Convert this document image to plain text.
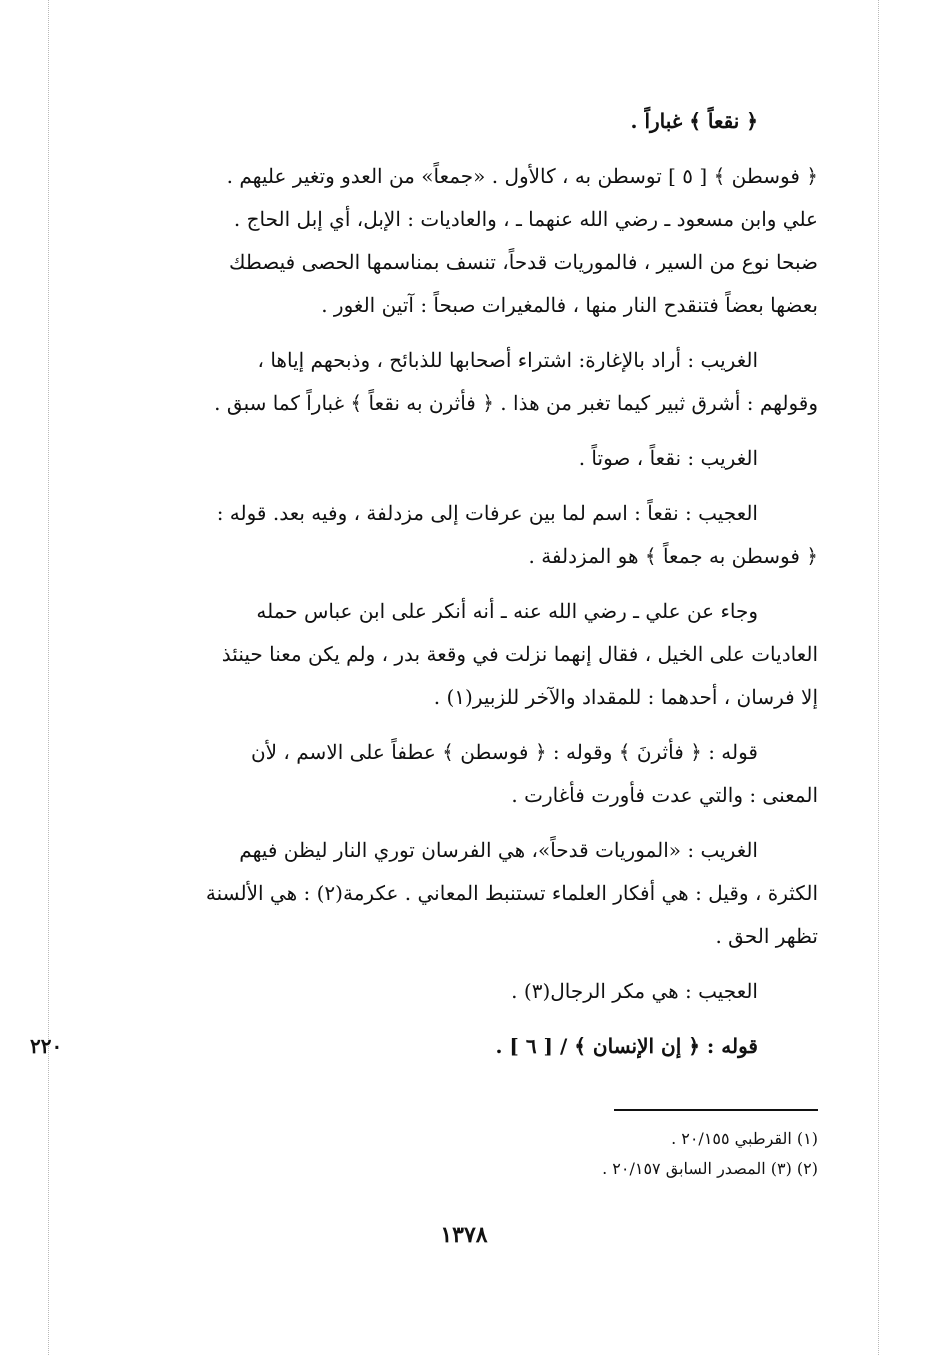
﴿ نقعاً ﴾ غباراً .

﴿ فوسطن ﴾ [ ٥ ] توسطن به ، كالأول . «جمعاً» من العدو وتغير عليهم .

علي وابن مسعود ـ رضي الله عنهما ـ ، والعاديات : الإبل، أي إبل الحاج .

ضبحا نوع من السير ، فالموريات قدحاً، تنسف بمناسمها الحصى فيصطك

بعضها بعضاً فتنقدح النار منها ، فالمغيرات صبحاً : آتين الغور .

الغريب : أراد بالإغارة: اشتراء أصحابها للذبائح ، وذبحهم إياها ،

وقولهم : أشرق ثبير كيما تغبر من هذا . ﴿ فأثرن به نقعاً ﴾ غباراً كما سبق .

الغريب : نقعاً ، صوتاً .

العجيب : نقعاً : اسم لما بين عرفات إلى مزدلفة ، وفيه بعد. قوله :

﴿ فوسطن به جمعاً ﴾ هو المزدلفة .

وجاء عن علي ـ رضي الله عنه ـ أنه أنكر على ابن عباس حمله

العاديات على الخيل ، فقال إنهما نزلت في وقعة بدر ، ولم يكن معنا حينئذ

إلا فرسان ، أحدهما : للمقداد والآخر للزبير(١) .

قوله : ﴿ فأثرنَ ﴾ وقوله : ﴿ فوسطن ﴾ عطفاً على الاسم ، لأن

المعنى : والتي عدت فأورت فأغارت .

الغريب : «الموريات قدحاً»، هي الفرسان توري النار ليظن فيهم

الكثرة ، وقيل : هي أفكار العلماء تستنبط المعاني . عكرمة(٢) : هي الألسنة

تظهر الحق .

العجيب : هي مكر الرجال(٣) .

قوله : ﴿ إن الإنسان ﴾ / [ ٦ ] .
٢٢٠
(١) القرطبي ٢٠/١٥٥ .
(٢) (٣) المصدر السابق ٢٠/١٥٧ .
١٣٧٨
